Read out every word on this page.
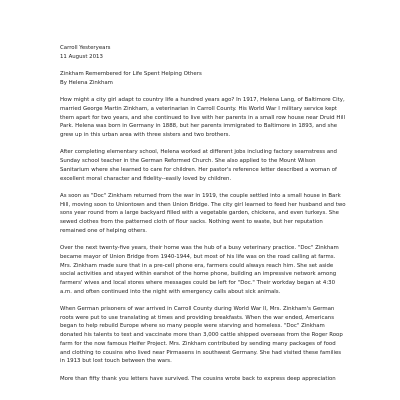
Carroll Yesteryears
11 August 2013
Zinkham Remembered for Life Spent Helping Others
By Helena Zinkham

How might a city girl adapt to country life a hundred years ago? In 1917, Helena Lang, of Baltimore City, married George Martin Zinkham, a veterinarian in Carroll County. His World War I military service kept them apart for two years, and she continued to live with her parents in a small row house near Druid Hill Park. Helena was born in Germany in 1888, but her parents immigrated to Baltimore in 1893, and she grew up in this urban area with three sisters and two brothers.

After completing elementary school, Helena worked at different jobs including factory seamstress and Sunday school teacher in the German Reformed Church. She also applied to the Mount Wilson Sanitarium where she learned to care for children. Her pastor's reference letter described a woman of excellent moral character and fidelity--easily loved by children.

As soon as "Doc" Zinkham returned from the war in 1919, the couple settled into a small house in Bark Hill, moving soon to Uniontown and then Union Bridge. The city girl learned to feed her husband and two sons year round from a large backyard filled with a vegetable garden, chickens, and even turkeys. She sewed clothes from the patterned cloth of flour sacks. Nothing went to waste, but her reputation remained one of helping others.

Over the next twenty-five years, their home was the hub of a busy veterinary practice. "Doc" Zinkham became mayor of Union Bridge from 1940-1944, but most of his life was on the road calling at farms. Mrs. Zinkham made sure that in a pre-cell phone era, farmers could always reach him. She set aside social activities and stayed within earshot of the home phone, building an impressive network among farmers' wives and local stores where messages could be left for "Doc." Their workday began at 4:30 a.m. and often continued into the night with emergency calls about sick animals.

When German prisoners of war arrived in Carroll County during World War II, Mrs. Zinkham's German roots were put to use translating at times and providing breakfasts. When the war ended, Americans began to help rebuild Europe where so many people were starving and homeless. "Doc" Zinkham donated his talents to test and vaccinate more than 3,000 cattle shipped overseas from the Roger Roop farm for the now famous Heifer Project. Mrs. Zinkham contributed by sending many packages of food and clothing to cousins who lived near Pirmasens in southwest Germany. She had visited these families in 1913 but lost touch between the wars.

More than fifty thank you letters have survived. The cousins wrote back to express deep appreciation
